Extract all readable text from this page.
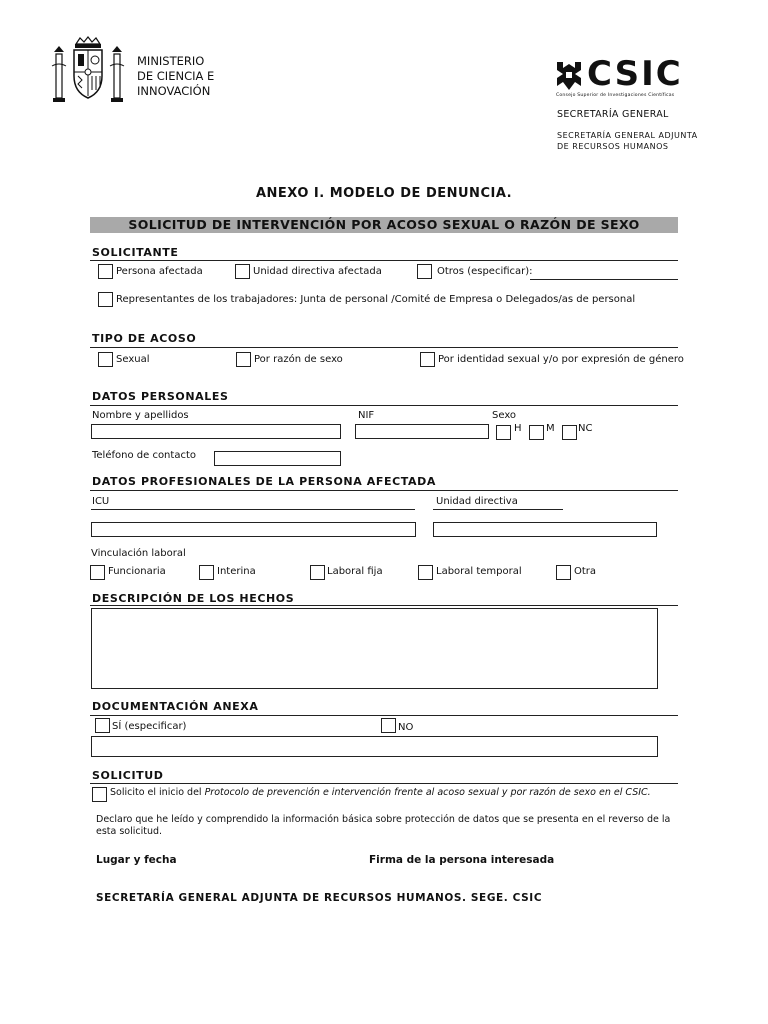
MINISTERIO
DE CIENCIA E
INNOVACIÓN	CSIC
Consejo Superior de Investigaciones Científicas
SECRETARÍA GENERAL
SECRETARÍA GENERAL ADJUNTA
DE RECURSOS HUMANOS
ANEXO I. MODELO DE DENUNCIA.
SOLICITUD DE INTERVENCIÓN POR ACOSO SEXUAL O RAZÓN DE SEXO
SOLICITANTE
Persona afectada	Unidad directiva afectada	Otros (especificar):
Representantes de los trabajadores: Junta de personal /Comité de Empresa o Delegados/as de personal
TIPO DE ACOSO
Sexual	Por razón de sexo	Por identidad sexual y/o por expresión de género
DATOS PERSONALES
Nombre y apellidos	NIF	Sexo
H M NC
Teléfono de contacto
DATOS PROFESIONALES DE LA PERSONA AFECTADA
ICU	Unidad directiva
Vinculación laboral
Funcionaria	Interina	Laboral fija	Laboral temporal	Otra
DESCRIPCIÓN DE LOS HECHOS
DOCUMENTACIÓN ANEXA
SÍ (especificar)	NO
SOLICITUD
Solicito el inicio del Protocolo de prevención e intervención frente al acoso sexual y por razón de sexo en el CSIC.
Declaro que he leído y comprendido la información básica sobre protección de datos que se presenta en el reverso de la
esta solicitud.
Lugar y fecha	Firma de la persona interesada
SECRETARÍA GENERAL ADJUNTA DE RECURSOS HUMANOS. SEGE. CSIC
